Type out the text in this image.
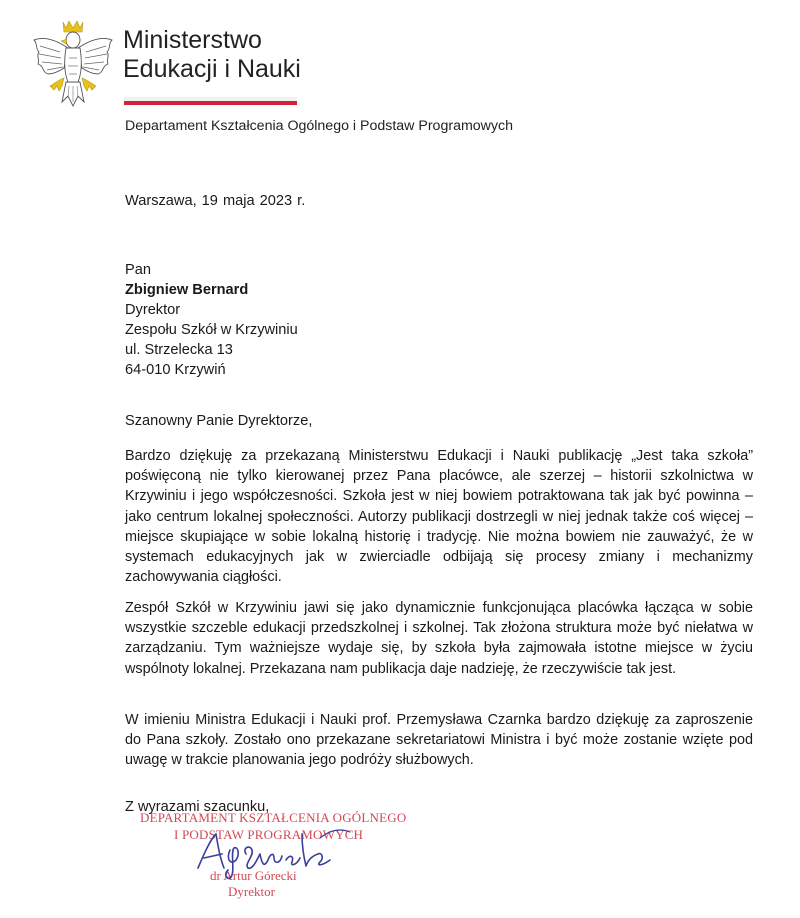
Ministerstwo
Edukacji i Nauki
Departament Kształcenia Ogólnego i Podstaw Programowych
Warszawa, 19 maja 2023 r.
Pan
Zbigniew Bernard
Dyrektor
Zespołu Szkół w Krzywiniu
ul. Strzelecka 13
64-010 Krzywiń
Szanowny Panie Dyrektorze,

Bardzo dziękuję za przekazaną Ministerstwu Edukacji i Nauki publikację „Jest taka szkoła” poświęconą nie tylko kierowanej przez Pana placówce, ale szerzej – historii szkolnictwa w Krzywiniu i jego współczesności. Szkoła jest w niej bowiem potraktowana tak jak być powinna – jako centrum lokalnej społeczności. Autorzy publikacji dostrzegli w niej jednak także coś więcej – miejsce skupiające w sobie lokalną historię i tradycję. Nie można bowiem nie zauważyć, że w systemach edukacyjnych jak w zwierciadle odbijają się procesy zmiany i mechanizmy zachowywania ciągłości.

Zespół Szkół w Krzywiniu jawi się jako dynamicznie funkcjonująca placówka łącząca w sobie wszystkie szczeble edukacji przedszkolnej i szkolnej. Tak złożona struktura może być niełatwa w zarządzaniu. Tym ważniejsze wydaje się, by szkoła była zajmowała istotne miejsce w życiu wspólnoty lokalnej. Przekazana nam publikacja daje nadzieję, że rzeczywiście tak jest.

W imieniu Ministra Edukacji i Nauki prof. Przemysława Czarnka bardzo dziękuję za zaproszenie do Pana szkoły. Zostało ono przekazane sekretariatowi Ministra i być może zostanie wzięte pod uwagę w trakcie planowania jego podróży służbowych.

Z wyrazami szacunku,
DEPARTAMENT KSZTAŁCENIA OGÓLNEGO
I PODSTAW PROGRAMOWYCH
dr Artur Górecki
Dyrektor
